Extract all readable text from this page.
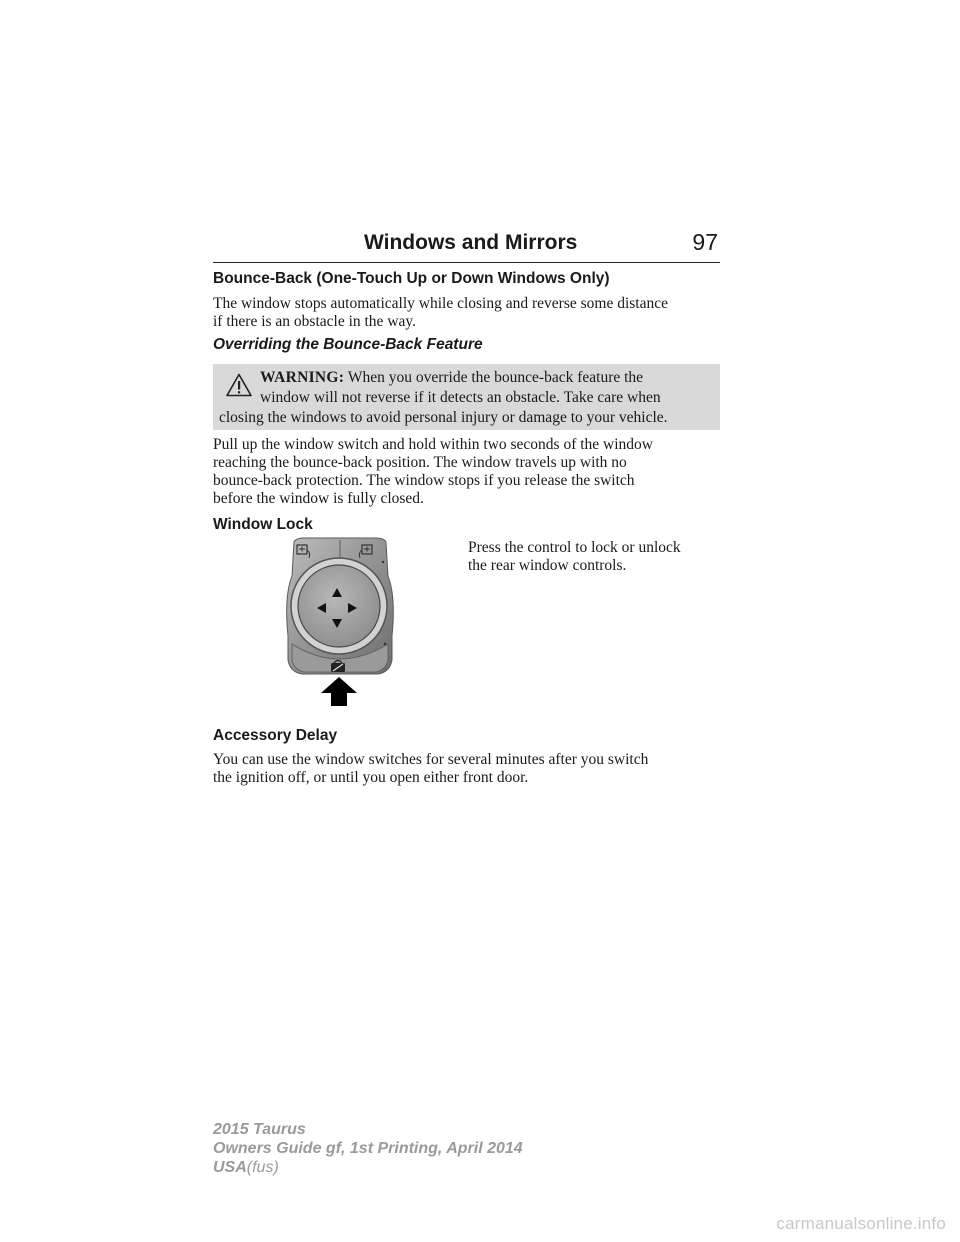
Windows and Mirrors	97
Bounce-Back (One-Touch Up or Down Windows Only)
The window stops automatically while closing and reverse some distance
if there is an obstacle in the way.
Overriding the Bounce-Back Feature
WARNING: When you override the bounce-back feature the
window will not reverse if it detects an obstacle. Take care when
closing the windows to avoid personal injury or damage to your vehicle.
Pull up the window switch and hold within two seconds of the window
reaching the bounce-back position. The window travels up with no
bounce-back protection. The window stops if you release the switch
before the window is fully closed.
Window Lock
Press the control to lock or unlock
the rear window controls.
Accessory Delay
You can use the window switches for several minutes after you switch
the ignition off, or until you open either front door.
2015 Taurus
Owners Guide gf, 1st Printing, April 2014
USA(fus)
carmanualsonline.info
